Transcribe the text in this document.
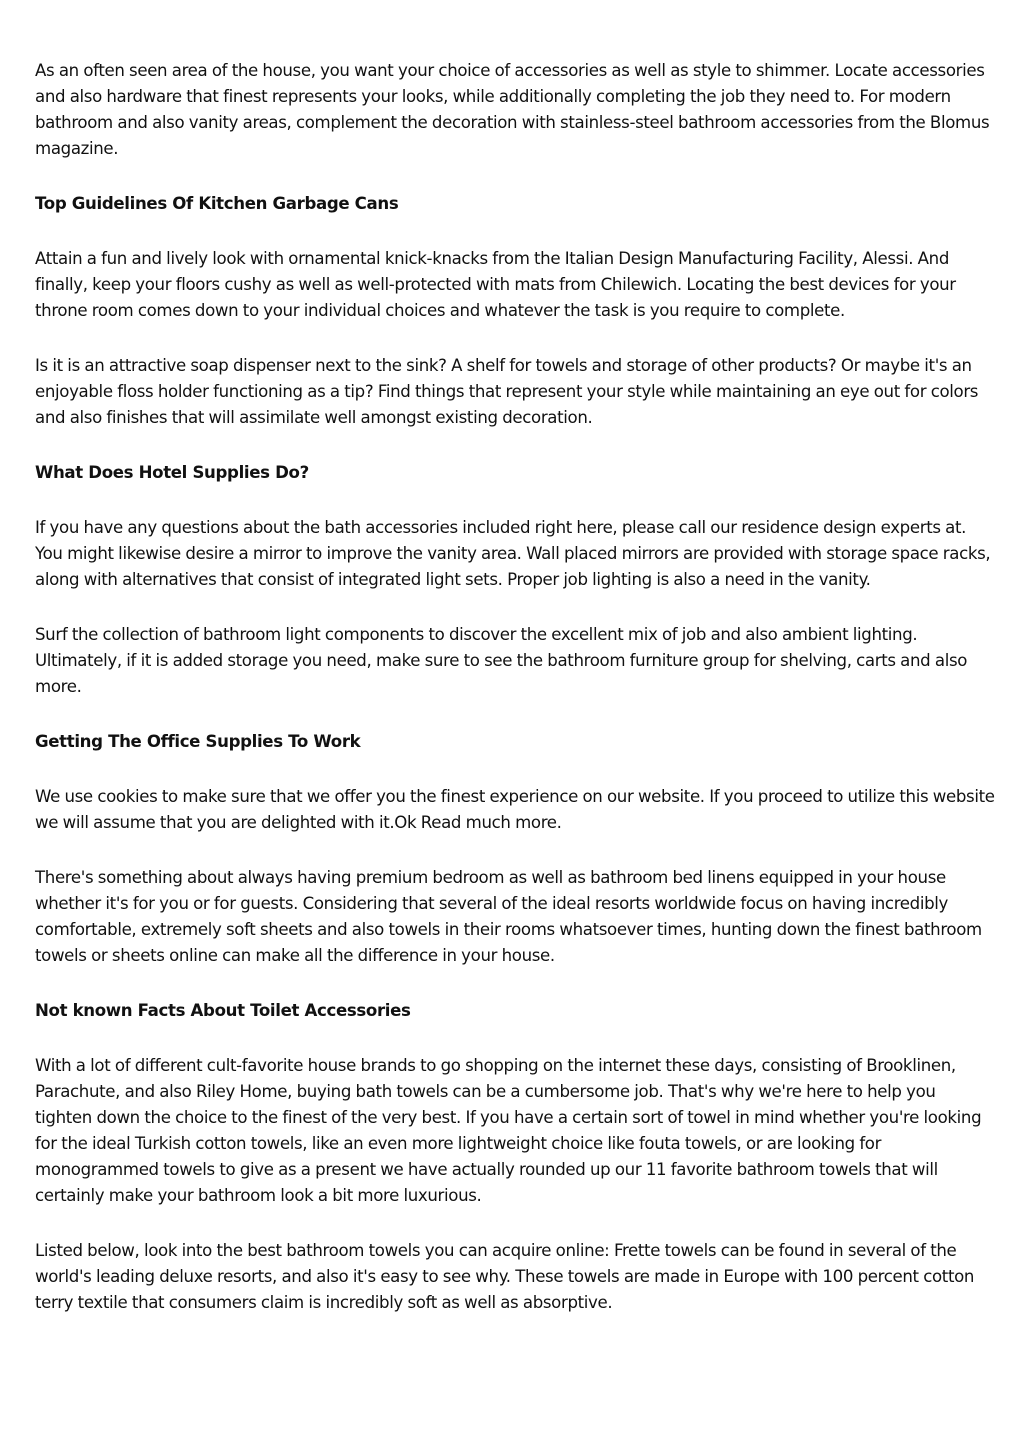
As an often seen area of the house, you want your choice of accessories as well as style to shimmer. Locate accessories and also hardware that finest represents your looks, while additionally completing the job they need to. For modern bathroom and also vanity areas, complement the decoration with stainless-steel bathroom accessories from the Blomus magazine.

Top Guidelines Of Kitchen Garbage Cans

Attain a fun and lively look with ornamental knick-knacks from the Italian Design Manufacturing Facility, Alessi. And finally, keep your floors cushy as well as well-protected with mats from Chilewich. Locating the best devices for your throne room comes down to your individual choices and whatever the task is you require to complete.

Is it is an attractive soap dispenser next to the sink? A shelf for towels and storage of other products? Or maybe it's an enjoyable floss holder functioning as a tip? Find things that represent your style while maintaining an eye out for colors and also finishes that will assimilate well amongst existing decoration.

What Does Hotel Supplies Do?

If you have any questions about the bath accessories included right here, please call our residence design experts at. You might likewise desire a mirror to improve the vanity area. Wall placed mirrors are provided with storage space racks, along with alternatives that consist of integrated light sets. Proper job lighting is also a need in the vanity.

Surf the collection of bathroom light components to discover the excellent mix of job and also ambient lighting. Ultimately, if it is added storage you need, make sure to see the bathroom furniture group for shelving, carts and also more.

Getting The Office Supplies To Work

We use cookies to make sure that we offer you the finest experience on our website. If you proceed to utilize this website we will assume that you are delighted with it.Ok Read much more.

There's something about always having premium bedroom as well as bathroom bed linens equipped in your house whether it's for you or for guests. Considering that several of the ideal resorts worldwide focus on having incredibly comfortable, extremely soft sheets and also towels in their rooms whatsoever times, hunting down the finest bathroom towels or sheets online can make all the difference in your house.

Not known Facts About Toilet Accessories

With a lot of different cult-favorite house brands to go shopping on the internet these days, consisting of Brooklinen, Parachute, and also Riley Home, buying bath towels can be a cumbersome job. That's why we're here to help you tighten down the choice to the finest of the very best. If you have a certain sort of towel in mind whether you're looking for the ideal Turkish cotton towels, like an even more lightweight choice like fouta towels, or are looking for monogrammed towels to give as a present we have actually rounded up our 11 favorite bathroom towels that will certainly make your bathroom look a bit more luxurious.

Listed below, look into the best bathroom towels you can acquire online: Frette towels can be found in several of the world's leading deluxe resorts, and also it's easy to see why. These towels are made in Europe with 100 percent cotton terry textile that consumers claim is incredibly soft as well as absorptive.
